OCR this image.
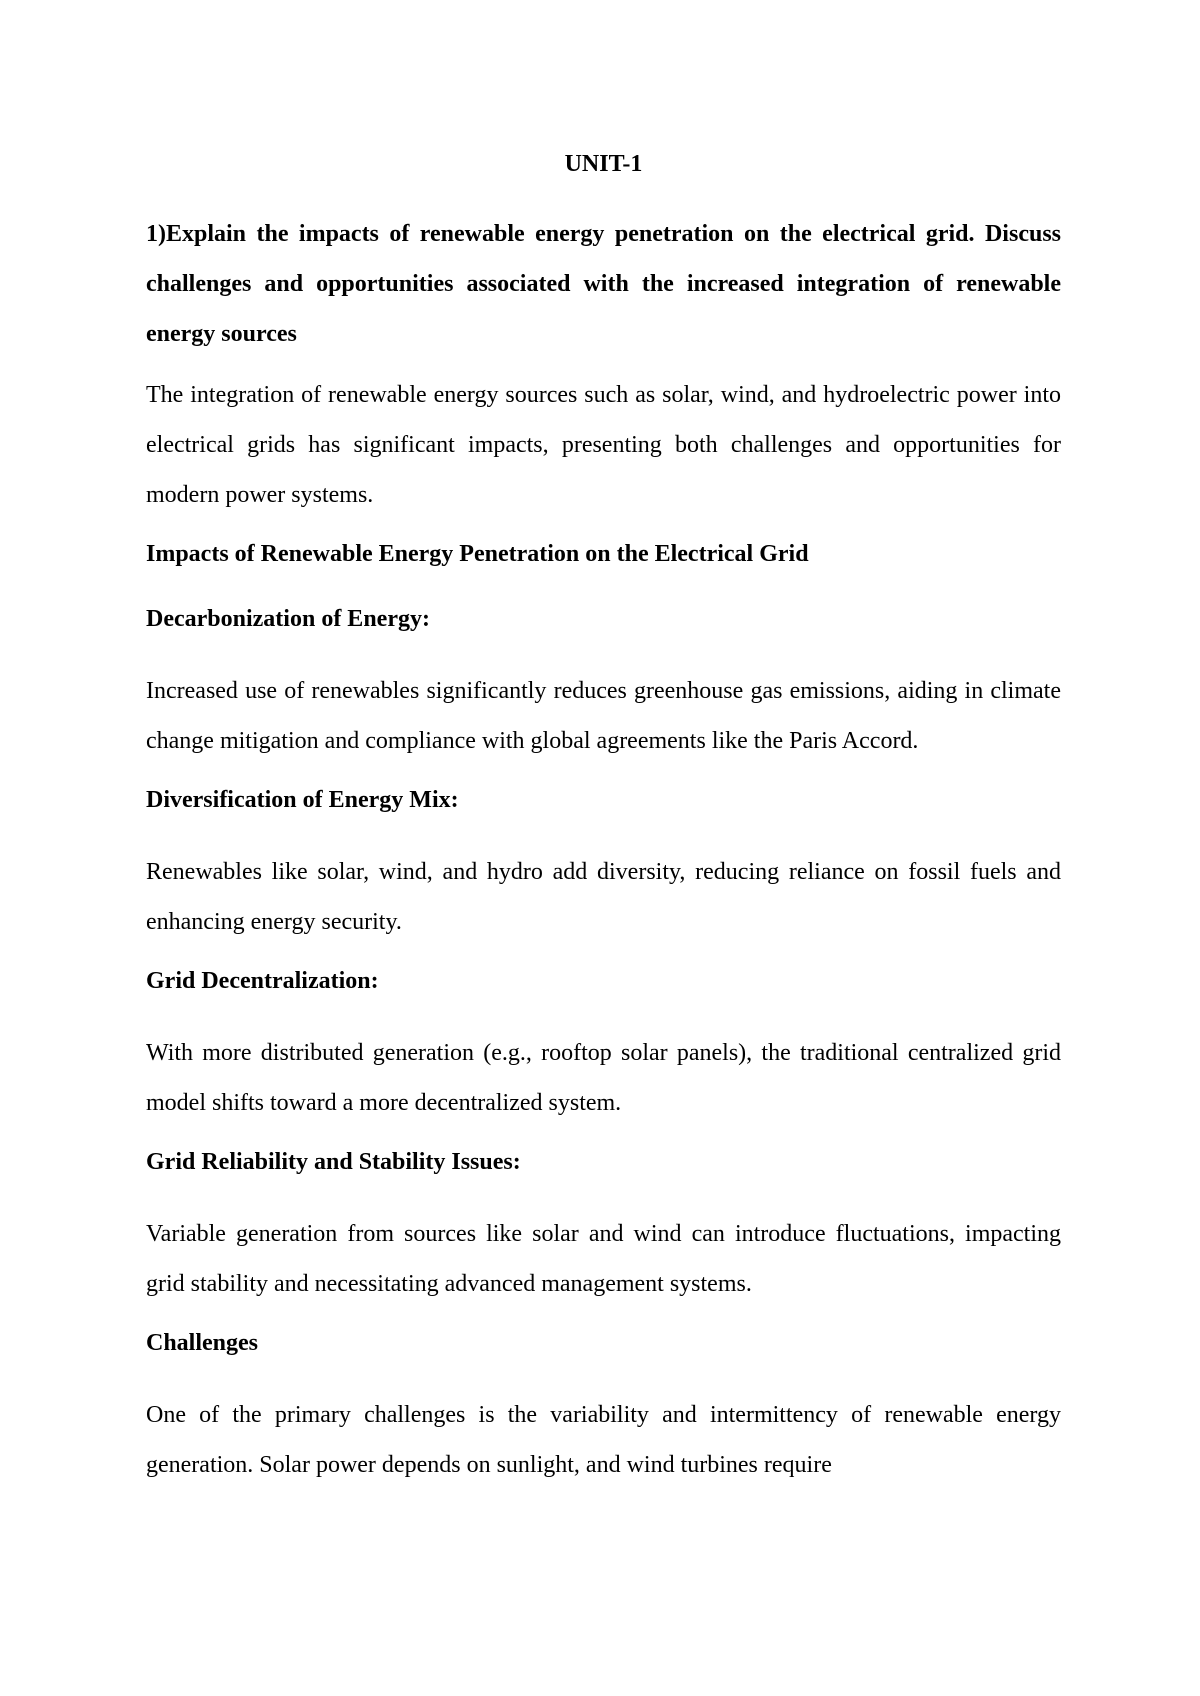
UNIT-1
1)Explain the impacts of renewable energy penetration on the electrical grid. Discuss challenges and opportunities associated with the increased integration of renewable energy sources
The integration of renewable energy sources such as solar, wind, and hydroelectric power into electrical grids has significant impacts, presenting both challenges and opportunities for modern power systems.
Impacts of Renewable Energy Penetration on the Electrical Grid
Decarbonization of Energy:
Increased use of renewables significantly reduces greenhouse gas emissions, aiding in climate change mitigation and compliance with global agreements like the Paris Accord.
Diversification of Energy Mix:
Renewables like solar, wind, and hydro add diversity, reducing reliance on fossil fuels and enhancing energy security.
Grid Decentralization:
With more distributed generation (e.g., rooftop solar panels), the traditional centralized grid model shifts toward a more decentralized system.
Grid Reliability and Stability Issues:
Variable generation from sources like solar and wind can introduce fluctuations, impacting grid stability and necessitating advanced management systems.
Challenges
One of the primary challenges is the variability and intermittency of renewable energy generation. Solar power depends on sunlight, and wind turbines require
